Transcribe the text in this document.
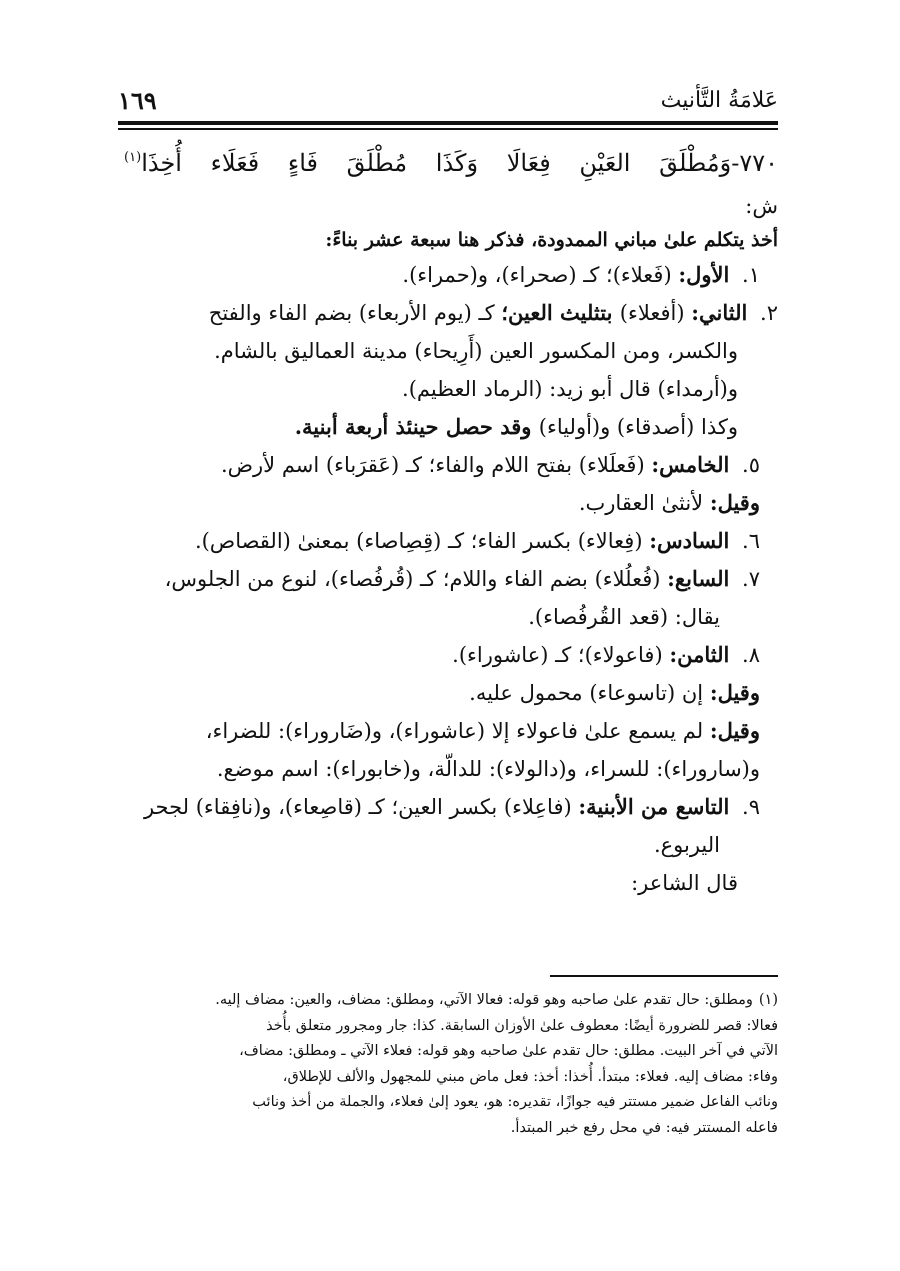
عَلامَةُ التَّأنيث
١٦٩
٧٧٠-
وَمُطْلَقَ
العَيْنِ
فِعَالَا
وَكَذَا
مُطْلَقَ
فَاءٍ
فَعَلَاء
أُخِذَا
(١)
ش:
أخذ يتكلم علىٰ مباني الممدودة، فذكر هنا سبعة عشر بناءً:
١. الأول: (فَعلاء)؛ كـ (صحراء)، و(حمراء).
٢. الثاني: (أفعلاء) بتثليث العين؛ كـ (يوم الأربعاء) بضم الفاء والفتح
والكسر، ومن المكسور العين (أَرِيحاء) مدينة العماليق بالشام.
و(أرمداء) قال أبو زيد: (الرماد العظيم).
وكذا (أصدقاء) و(أولياء) وقد حصل حينئذ أربعة أبنية.
٥. الخامس: (فَعلَلاء) بفتح اللام والفاء؛ كـ (عَقرَباء) اسم لأرض.
وقيل: لأنثىٰ العقارب.
٦. السادس: (فِعالاء) بكسر الفاء؛ كـ (قِصِاصاء) بمعنىٰ (القصاص).
٧. السابع: (فُعلُلاء) بضم الفاء واللام؛ كـ (قُرفُصاء)، لنوع من الجلوس،
يقال: (قعد القُرفُصاء).
٨. الثامن: (فاعولاء)؛ كـ (عاشوراء).
وقيل: إن (تاسوعاء) محمول عليه.
وقيل: لم يسمع علىٰ فاعولاء إلا (عاشوراء)، و(ضَاروراء): للضراء،
و(ساروراء): للسراء، و(دالولاء): للدالّة، و(خابوراء): اسم موضع.
٩. التاسع من الأبنية: (فاعِلاء) بكسر العين؛ كـ (قاصِعاء)، و(نافِقاء) لجحر
اليربوع.
قال الشاعر:
(١)ومطلق: حال تقدم علىٰ صاحبه وهو قوله: فعالا الآتي، ومطلق: مضاف، والعين: مضاف إليه.
فعالا: قصر للضرورة أيضًا: معطوف علىٰ الأوزان السابقة. كذا: جار ومجرور متعلق بأُخذ
الآتي في آخر البيت. مطلق: حال تقدم علىٰ صاحبه وهو قوله: فعلاء الآتي ـ ومطلق: مضاف،
وفاء: مضاف إليه. فعلاء: مبتدأ. أُخذا: أخذ: فعل ماض مبني للمجهول والألف للإطلاق،
ونائب الفاعل ضمير مستتر فيه جوازًا، تقديره: هو، يعود إلىٰ فعلاء، والجملة من أخذ ونائب
فاعله المستتر فيه: في محل رفع خبر المبتدأ.
